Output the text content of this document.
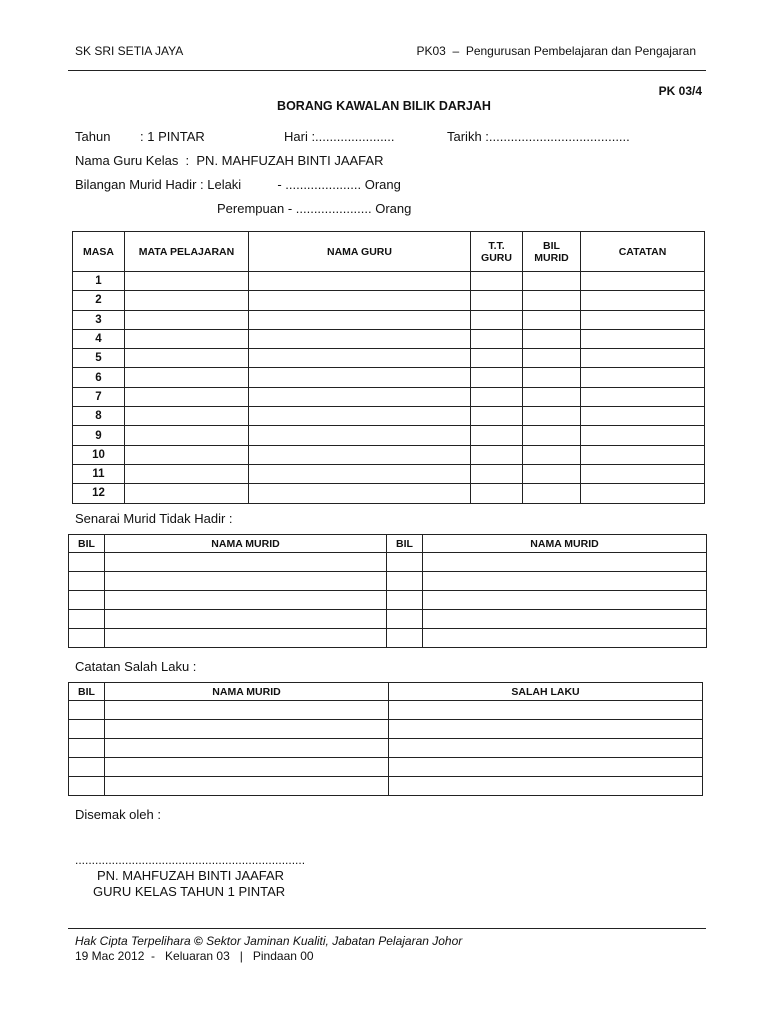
SK SRI SETIA JAYA	PK03  –  Pengurusan Pembelajaran dan Pengajaran
PK 03/4
BORANG KAWALAN BILIK DARJAH
Tahun : 1 PINTAR	Hari :......................	Tarikh :.......................................
Nama Guru Kelas  :  PN. MAHFUZAH BINTI JAAFAR
Bilangan Murid Hadir : Lelaki          - ..................... Orang
Perempuan - ..................... Orang
MASA	MATA PELAJARAN	NAMA GURU	T.T. GURU	BIL MURID	CATATAN
1					
2					
3					
4					
5					
6					
7					
8					
9					
10					
11					
12					
Senarai Murid Tidak Hadir :
BIL	NAMA MURID	BIL	NAMA MURID

Catatan Salah Laku :
BIL	NAMA MURID	SALAH LAKU

Disemak oleh :
.....................................................................
PN. MAHFUZAH BINTI JAAFAR
GURU KELAS TAHUN 1 PINTAR
Hak Cipta Terpelihara © Sektor Jaminan Kualiti, Jabatan Pelajaran Johor
19 Mac 2012  -   Keluaran 03   |   Pindaan 00
